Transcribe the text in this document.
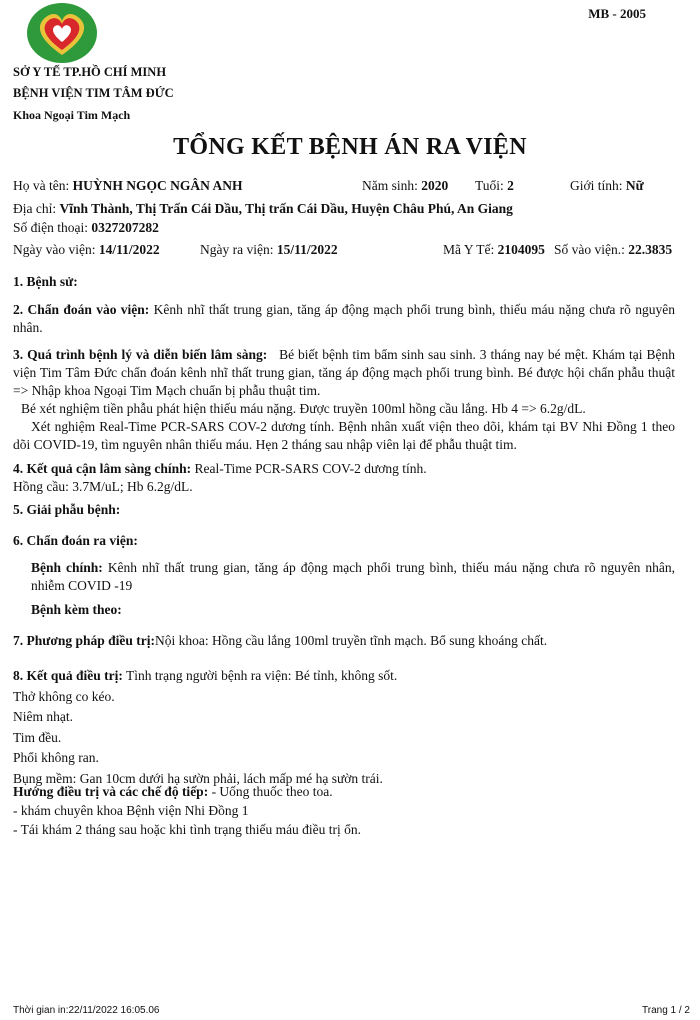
MB - 2005
SỞ Y TẾ TP.HỒ CHÍ MINH
BỆNH VIỆN TIM TÂM ĐỨC
Khoa Ngoại Tim Mạch
TỔNG KẾT BỆNH ÁN RA VIỆN
Họ và tên: HUỲNH NGỌC NGÂN ANH	Năm sinh: 2020 Tuổi: 2	Giới tính: Nữ
Địa chỉ: Vĩnh Thành, Thị Trấn Cái Dầu, Thị trấn Cái Dầu, Huyện Châu Phú, An Giang
Số điện thoại: 0327207282
Ngày vào viện: 14/11/2022	Ngày ra viện: 15/11/2022	Mã Y Tế: 2104095 Số vào viện.: 22.3835
1. Bệnh sử:
2. Chẩn đoán vào viện: Kênh nhĩ thất trung gian, tăng áp động mạch phổi trung bình, thiếu máu nặng chưa rõ nguyên nhân.
3. Quá trình bệnh lý và diễn biến lâm sàng: Bé biết bệnh tim bẩm sinh sau sinh. 3 tháng nay bé mệt. Khám tại Bệnh viện Tim Tâm Đức chẩn đoán kênh nhĩ thất trung gian, tăng áp động mạch phổi trung bình. Bé được hội chẩn phẫu thuật => Nhập khoa Ngoại Tim Mạch chuẩn bị phẫu thuật tim.
Bé xét nghiệm tiền phẫu phát hiện thiếu máu nặng. Được truyền 100ml hồng cầu lắng. Hb 4 => 6.2g/dL.
Xét nghiệm Real-Time PCR-SARS COV-2 dương tính. Bệnh nhân xuất viện theo dõi, khám tại BV Nhi Đồng 1 theo dõi COVID-19, tìm nguyên nhân thiếu máu. Hẹn 2 tháng sau nhập viên lại để phẫu thuật tim.
4. Kết quả cận lâm sàng chính: Real-Time PCR-SARS COV-2 dương tính.
Hồng cầu: 3.7M/uL; Hb 6.2g/dL.
5. Giải phẫu bệnh:
6. Chẩn đoán ra viện:
Bệnh chính: Kênh nhĩ thất trung gian, tăng áp động mạch phổi trung bình, thiếu máu nặng chưa rõ nguyên nhân, nhiễm COVID -19
Bệnh kèm theo:
7. Phương pháp điều trị:Nội khoa: Hồng cầu lắng 100ml truyền tĩnh mạch. Bổ sung khoáng chất.
8. Kết quả điều trị: Tình trạng người bệnh ra viện: Bé tỉnh, không sốt.
Thở không co kéo.
Niêm nhạt.
Tim đều.
Phổi không ran.
Bụng mềm: Gan 10cm dưới hạ sườn phải, lách mấp mé hạ sườn trái.
Hướng điều trị và các chế độ tiếp: - Uống thuốc theo toa.
- khám chuyên khoa Bệnh viện Nhi Đồng 1
- Tái khám 2 tháng sau hoặc khi tình trạng thiếu máu điều trị ổn.
Thời gian in:22/11/2022 16:05.06	Trang 1 / 2
